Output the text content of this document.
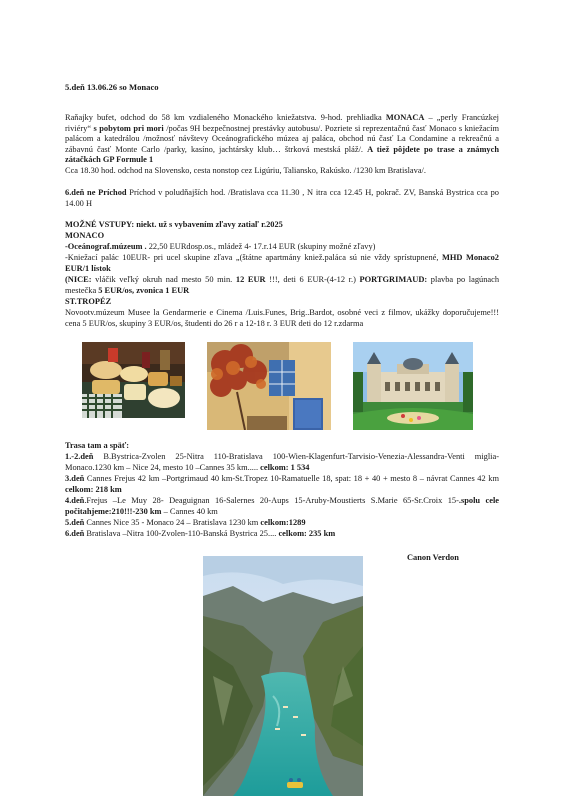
5.deň 13.06.26 so Monaco

Raňajky bufet, odchod do 58 km vzdialeného Monackého kniežatstva. 9-hod. prehliadka MONACA – „perly Francúzkej riviéry“ s pobytom pri mori /počas 9H bezpečnostnej prestávky autobusu/. Pozriete si reprezentačnú časť Monaco s kniežacím palácom a katedrálou /možnosť návštevy Oceánografického múzea aj paláca, obchod nú časť La Condamine a rekreačnú a zábavnú časť Monte Carlo /parky, kasíno, jachtársky klub… štrková mestská pláž/. A tiež pôjdete po trase a známych zátačkách GP Formule 1

Cca 18.30 hod. odchod na Slovensko, cesta nonstop cez Ligúriu, Taliansko, Rakúsko. /1230 km Bratislava/.

6.deň ne Príchod Príchod v poludňajších hod. /Bratislava cca 11.30 , N itra cca 12.45 H, pokrač. ZV, Banská Bystrica cca po 14.00 H

MOŽNÉ VSTUPY: niekt. už s vybavením zľavy zatiaľ r.2025

MONACO

-Oceánograf.múzeum . 22,50 EURdosp.os., mládež 4- 17.r.14 EUR (skupiny možné zľavy)

-Kniežací palác 10EUR- pri ucel skupine zľava „(štátne apartmány kniež.paláca sú nie vždy sprístupnené, MHD Monaco2 EUR/1 lístok

(NICE: vláčik veľký okruh nad mesto 50 min. 12 EUR !!!, deti 6 EUR-(4-12 r.) PORTGRIMAUD: plavba po lagúnach mestečka 5 EUR/os, zvonica 1 EUR

ST.TROPÉZ

Novootv.múzeum Musee la Gendarmerie e Cinema /Luis.Funes, Brig..Bardot, osobné veci z filmov, ukážky doporučujeme!!! cena 5 EUR/os, skupiny 3 EUR/os, študenti do 26 r a 12-18 r. 3 EUR deti do 12 r.zdarma

Trasa tam a späť:

1.-2.deň B.Bystrica-Zvolen 25-Nitra 110-Bratislava 100-Wien-Klagenfurt-Tarvisio-Venezia-Alessandra-Venti miglia-Monaco.1230 km – Nice 24, mesto 10 –Cannes 35 km..... celkom: 1 534

3.deň Cannes Frejus 42 km –Portgrimaud 40 km-St.Tropez 10-Ramatuelle 18, spat: 18 + 40 + mesto 8 – návrat Cannes 42 km celkom: 218 km

4.deň.Frejus –Le Muy 28- Deaguignan 16-Salernes 20-Aups 15-Aruby-Moustierts S.Marie 65-Sr.Croix 15-.spolu cele počitahjeme:210!!!-230 km – Cannes 40 km

5.deň Cannes Nice 35 - Monaco 24 – Bratislava 1230 km celkom:1289

6.deň Bratislava –Nitra 100-Zvolen-110-Banská Bystrica 25.... celkom: 235 km

Canon Verdon
